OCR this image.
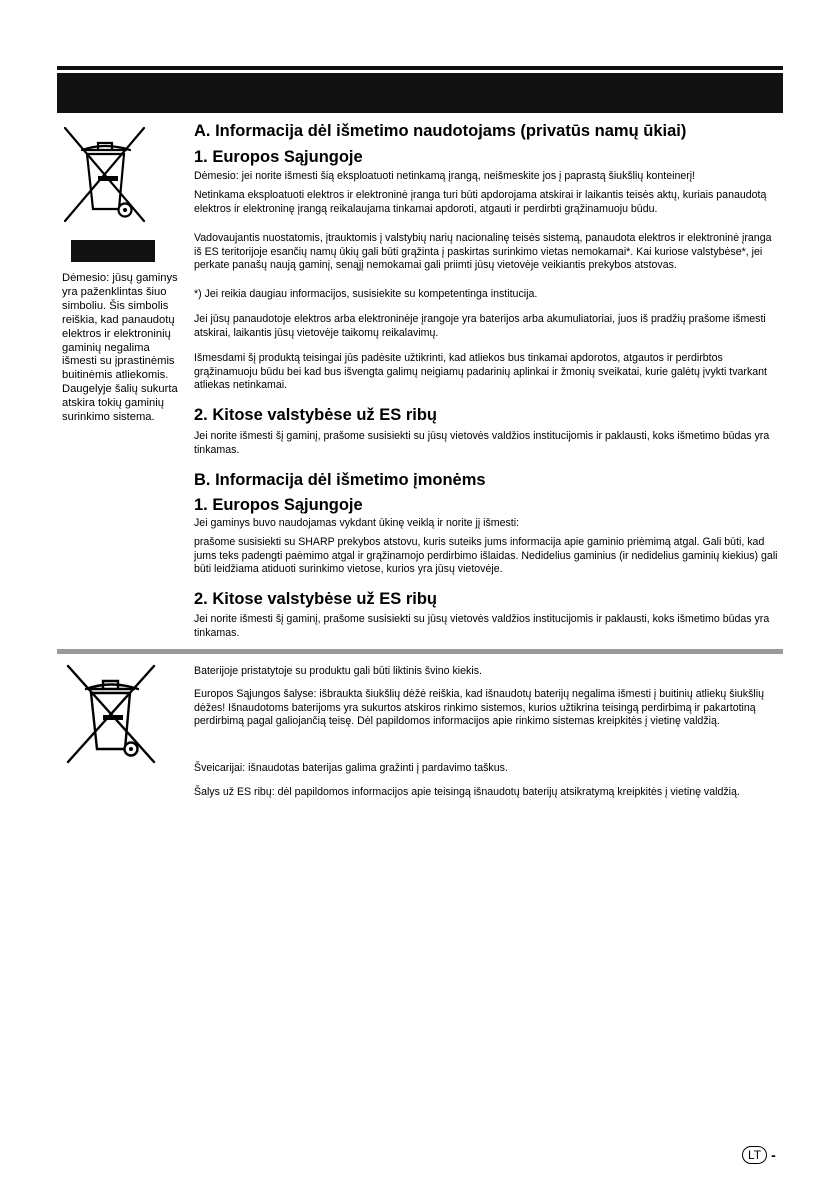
Dėmesio: jūsų gaminys yra paženklintas šiuo simboliu. Šis simbolis reiškia, kad panaudotų elektros ir elektroninių gaminių negalima išmesti su įprastinėmis buitinėmis atliekomis. Daugelyje šalių sukurta atskira tokių gaminių surinkimo sistema.

A. Informacija dėl išmetimo naudotojams (privatūs namų ūkiai)
1. Europos Sąjungoje

Dėmesio: jei norite išmesti šią eksploatuoti netinkamą įrangą, neišmeskite jos į paprastą šiukšlių konteinerį!

Netinkama eksploatuoti elektros ir elektroninė įranga turi būti apdorojama atskirai ir laikantis teisės aktų, kuriais panaudotą elektros ir elektroninę įrangą reikalaujama tinkamai apdoroti, atgauti ir perdirbti grąžinamuoju būdu.

Vadovaujantis nuostatomis, įtrauktomis į valstybių narių nacionalinę teisės sistemą, panaudota elektros ir elektroninė įranga iš ES teritorijoje esančių namų ūkių gali būti grąžinta į paskirtas surinkimo vietas nemokamai*. Kai kuriose valstybėse*, jei perkate panašų naują gaminį, senąjį nemokamai gali priimti jūsų vietovėje veikiantis prekybos atstovas.

*) Jei reikia daugiau informacijos, susisiekite su kompetentinga institucija.

Jei jūsų panaudotoje elektros arba elektroninėje įrangoje yra baterijos arba akumuliatoriai, juos iš pradžių prašome išmesti atskirai, laikantis jūsų vietovėje taikomų reikalavimų.

Išmesdami šį produktą teisingai jūs padėsite užtikrinti, kad atliekos bus tinkamai apdorotos, atgautos ir perdirbtos grąžinamuoju būdu bei kad bus išvengta galimų neigiamų padarinių aplinkai ir žmonių sveikatai, kurie galėtų įvykti tvarkant atliekas netinkamai.

2. Kitose valstybėse už ES ribų

Jei norite išmesti šį gaminį, prašome susisiekti su jūsų vietovės valdžios institucijomis ir paklausti, koks išmetimo būdas yra tinkamas.

B. Informacija dėl išmetimo įmonėms
1. Europos Sąjungoje

Jei gaminys buvo naudojamas vykdant ūkinę veiklą ir norite jį išmesti:

prašome susisiekti su SHARP prekybos atstovu, kuris suteiks jums informacija apie gaminio priėmimą atgal. Gali būti, kad jums teks padengti paėmimo atgal ir grąžinamojo perdirbimo išlaidas. Nedidelius gaminius (ir nedidelius gaminių kiekius) gali būti leidžiama atiduoti surinkimo vietose, kurios yra jūsų vietovėje.

2. Kitose valstybėse už ES ribų

Jei norite išmesti šį gaminį, prašome susisiekti su jūsų vietovės valdžios institucijomis ir paklausti, koks išmetimo būdas yra tinkamas.

Baterijoje pristatytoje su produktu gali būti liktinis švino kiekis.

Europos Sąjungos šalyse: išbraukta šiukšlių dėžė reiškia, kad išnaudotų baterijų negalima išmesti į buitinių atliekų šiukšlių dėžes! Išnaudotoms baterijoms yra sukurtos atskiros rinkimo sistemos, kurios užtikrina teisingą perdirbimą ir pakartotiną perdirbimą pagal galiojančią teisę. Dėl papildomos informacijos apie rinkimo sistemas kreipkitės į vietinę valdžią.

Šveicarijai: išnaudotas baterijas galima gražinti į pardavimo taškus.

Šalys už ES ribų: dėl papildomos informacijos apie teisingą išnaudotų baterijų atsikratymą kreipkitės į vietinę valdžią.

LT -
